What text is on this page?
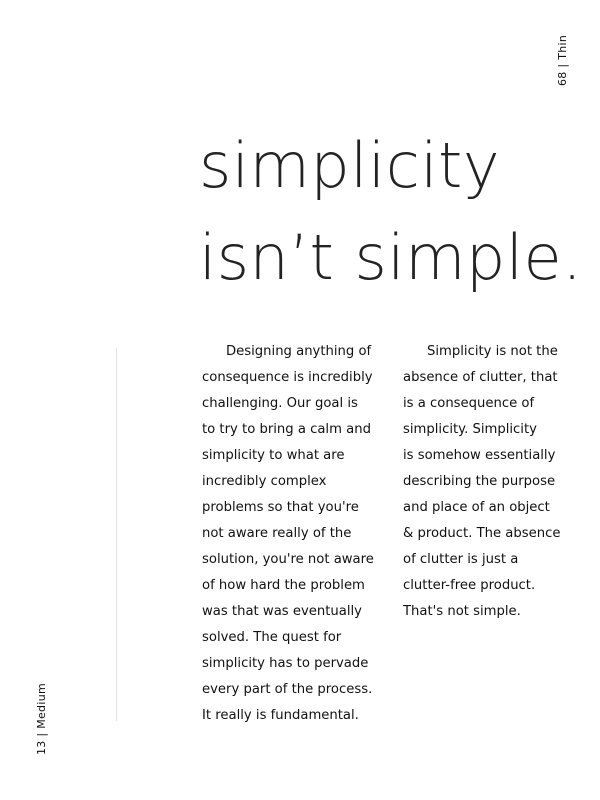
68 | Thin
simplicity
isn’t simple.
Designing anything of
consequence is incredibly
challenging. Our goal is
to try to bring a calm and
simplicity to what are
incredibly complex
problems so that you're
not aware really of the
solution, you're not aware
of how hard the problem
was that was eventually
solved. The quest for
simplicity has to pervade
every part of the process.
It really is fundamental.
Simplicity is not the
absence of clutter, that
is a consequence of
simplicity. Simplicity
is somehow essentially
describing the purpose
and place of an object
& product. The absence
of clutter is just a
clutter-free product.
That's not simple.
13 | Medium
